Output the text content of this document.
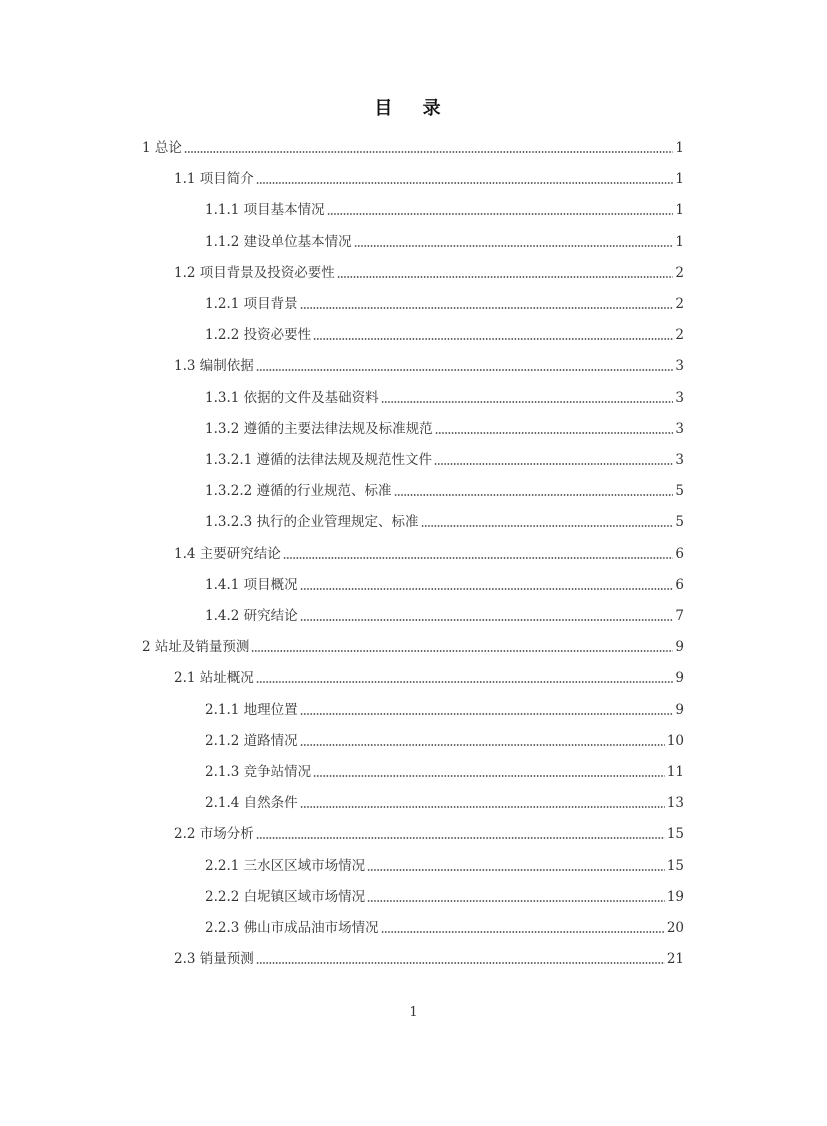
目 录
1 总论	1
1.1 项目简介	1
1.1.1 项目基本情况	1
1.1.2 建设单位基本情况	1
1.2 项目背景及投资必要性	2
1.2.1 项目背景	2
1.2.2 投资必要性	2
1.3 编制依据	3
1.3.1 依据的文件及基础资料	3
1.3.2 遵循的主要法律法规及标准规范	3
1.3.2.1 遵循的法律法规及规范性文件	3
1.3.2.2 遵循的行业规范、标准	5
1.3.2.3 执行的企业管理规定、标准	5
1.4 主要研究结论	6
1.4.1 项目概况	6
1.4.2 研究结论	7
2 站址及销量预测	9
2.1 站址概况	9
2.1.1 地理位置	9
2.1.2 道路情况	10
2.1.3 竞争站情况	11
2.1.4 自然条件	13
2.2 市场分析	15
2.2.1 三水区区域市场情况	15
2.2.2 白坭镇区域市场情况	19
2.2.3 佛山市成品油市场情况	20
2.3 销量预测	21
1
